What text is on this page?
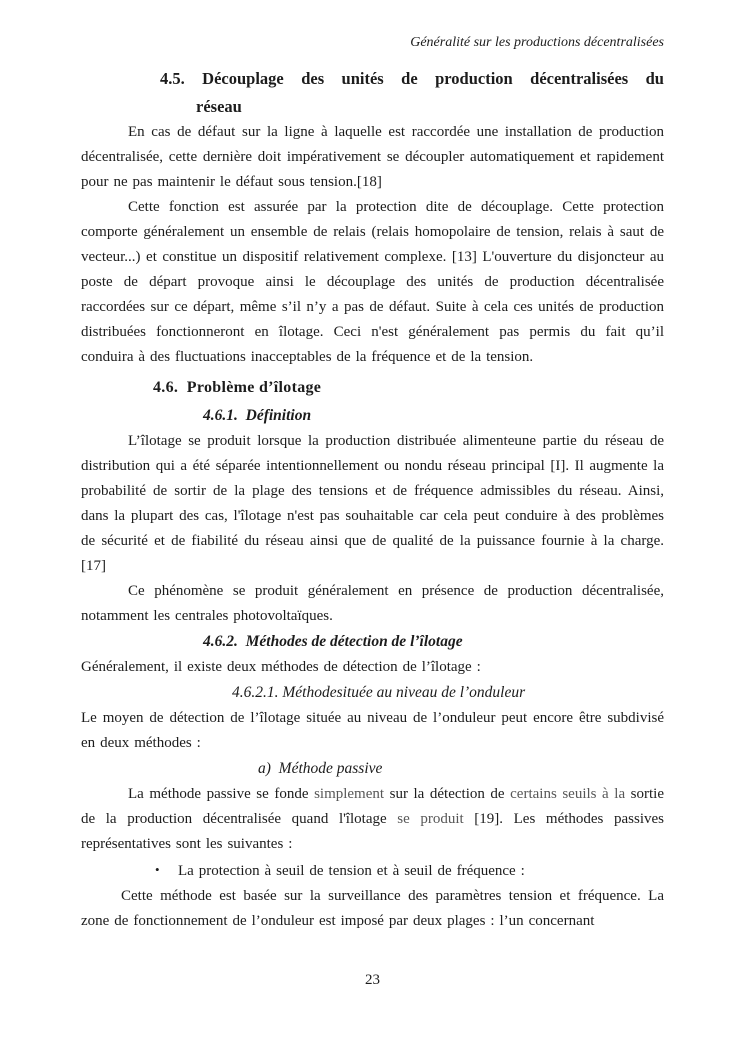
Généralité sur les productions décentralisées
4.5. Découplage des unités de production décentralisées du
réseau

En cas de défaut sur la ligne à laquelle est raccordée une installation de production décentralisée, cette dernière doit impérativement se découpler automatiquement et rapidement pour ne pas maintenir le défaut sous tension.[18]

Cette fonction est assurée par la protection dite de découplage. Cette protection comporte généralement un ensemble de relais (relais homopolaire de tension, relais à saut de vecteur...) et constitue un dispositif relativement complexe. [13] L'ouverture du disjoncteur au poste de départ provoque ainsi le découplage des unités de production décentralisée raccordées sur ce départ, même s’il n’y a pas de défaut. Suite à cela ces unités de production distribuées fonctionneront en îlotage. Ceci n'est généralement pas permis du fait qu’il conduira à des fluctuations inacceptables de la fréquence et de la tension.

4.6.  Problème d’îlotage
4.6.1.  Définition

L’îlotage se produit lorsque la production distribuée alimenteune partie du réseau de distribution qui a été séparée intentionnellement ou nondu réseau principal [I]. Il augmente la probabilité de sortir de la plage des tensions et de fréquence admissibles du réseau. Ainsi, dans la plupart des cas, l'îlotage n'est pas souhaitable car cela peut conduire à des problèmes de sécurité et de fiabilité du réseau ainsi que de qualité de la puissance fournie à la charge. [17]

Ce phénomène se produit généralement en présence de production décentralisée, notamment les centrales photovoltaïques.

4.6.2.  Méthodes de détection de l’îlotage

Généralement, il existe deux méthodes de détection de l’îlotage :

4.6.2.1. Méthodesituée au niveau de l’onduleur

Le moyen de détection de l’îlotage située au niveau de l’onduleur peut encore être subdivisé en deux méthodes :

a)  Méthode passive

La méthode passive se fonde simplement sur la détection de certains seuils à la sortie de la production décentralisée quand l'îlotage se produit [19]. Les méthodes passives représentatives sont les suivantes :

• La protection à seuil de tension et à seuil de fréquence :

Cette méthode est basée sur la surveillance des paramètres tension et fréquence. La zone de fonctionnement de l’onduleur est imposé par deux plages : l’un concernant

23
